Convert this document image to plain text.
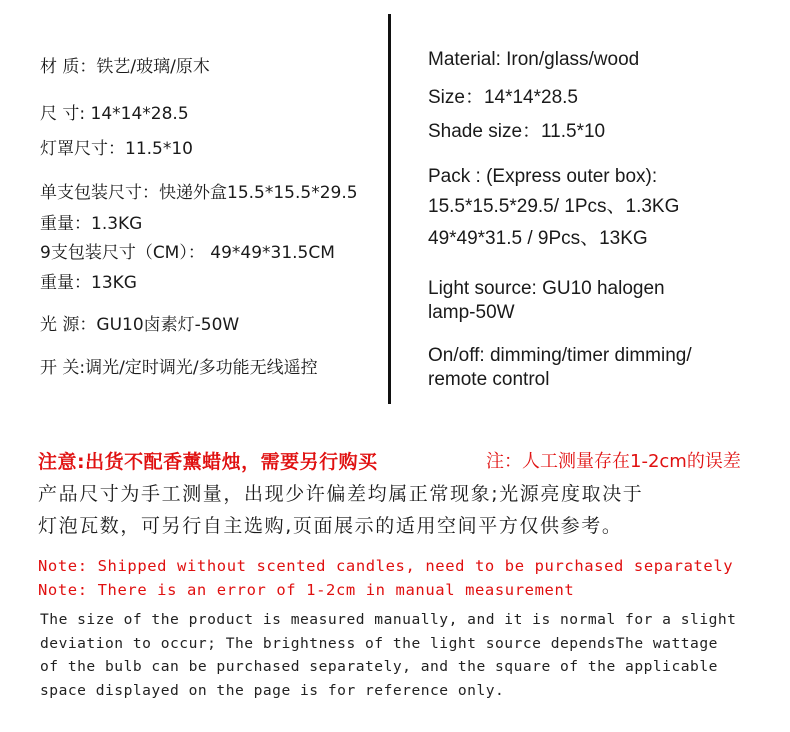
材 质：铁艺/玻璃/原木
尺 寸: 14*14*28.5
灯罩尺寸：11.5*10
单支包装尺寸：快递外盒15.5*15.5*29.5
重量：1.3KG
9支包装尺寸（CM）： 49*49*31.5CM
重量：13KG
光 源：GU10卤素灯-50W
开 关:调光/定时调光/多功能无线遥控
Material: Iron/glass/wood
Size：14*14*28.5
Shade size：11.5*10
Pack : (Express outer box):
15.5*15.5*29.5/ 1Pcs、1.3KG
49*49*31.5 / 9Pcs、13KG
Light source: GU10 halogen
lamp-50W
On/off: dimming/timer dimming/
remote control
注意:出货不配香薰蜡烛，需要另行购买	注：人工测量存在1-2cm的误差
产品尺寸为手工测量，出现少许偏差均属正常现象;光源亮度取决于
灯泡瓦数，可另行自主选购,页面展示的适用空间平方仅供参考。
Note: Shipped without scented candles, need to be purchased separately
Note: There is an error of 1-2cm in manual measurement
The size of the product is measured manually, and it is normal for a slight
deviation to occur; The brightness of the light source dependsThe wattage
of the bulb can be purchased separately, and the square of the applicable
space displayed on the page is for reference only.
